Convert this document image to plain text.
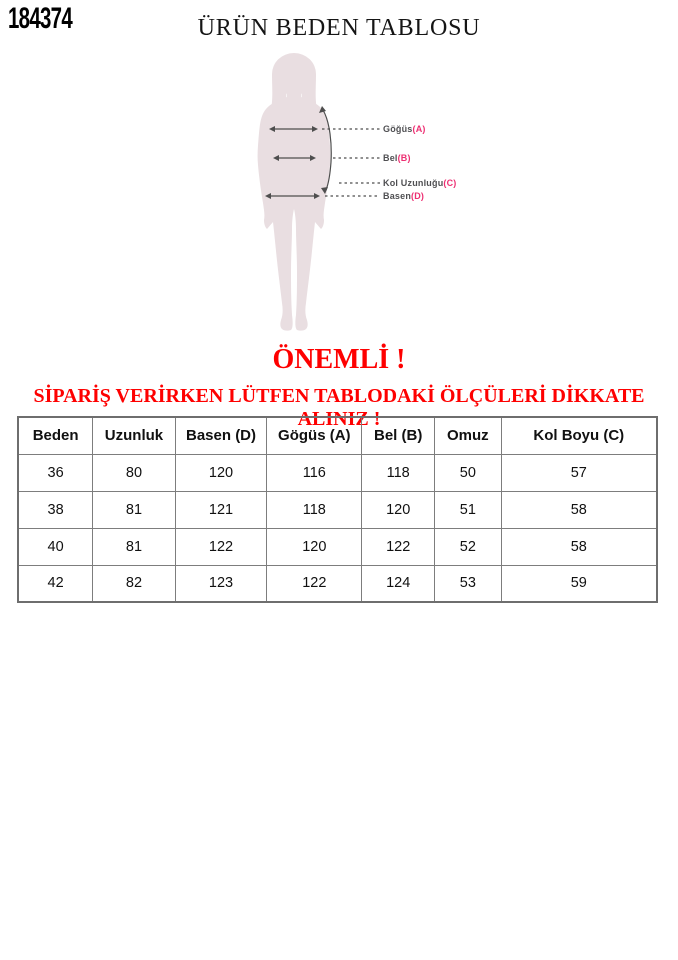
184374	ÜRÜN BEDEN TABLOSU
Göğüs(A)
Bel(B)
Kol Uzunluğu(C)
Basen(D)
ÖNEMLİ !
SİPARİŞ VERİRKEN LÜTFEN TABLODAKİ ÖLÇÜLERİ DİKKATE ALINIZ !
Beden	Uzunluk	Basen (D)	Gögüs (A)	Bel (B)	Omuz	Kol Boyu (C)
36	80	120	116	118	50	57
38	81	121	118	120	51	58
40	81	122	120	122	52	58
42	82	123	122	124	53	59
